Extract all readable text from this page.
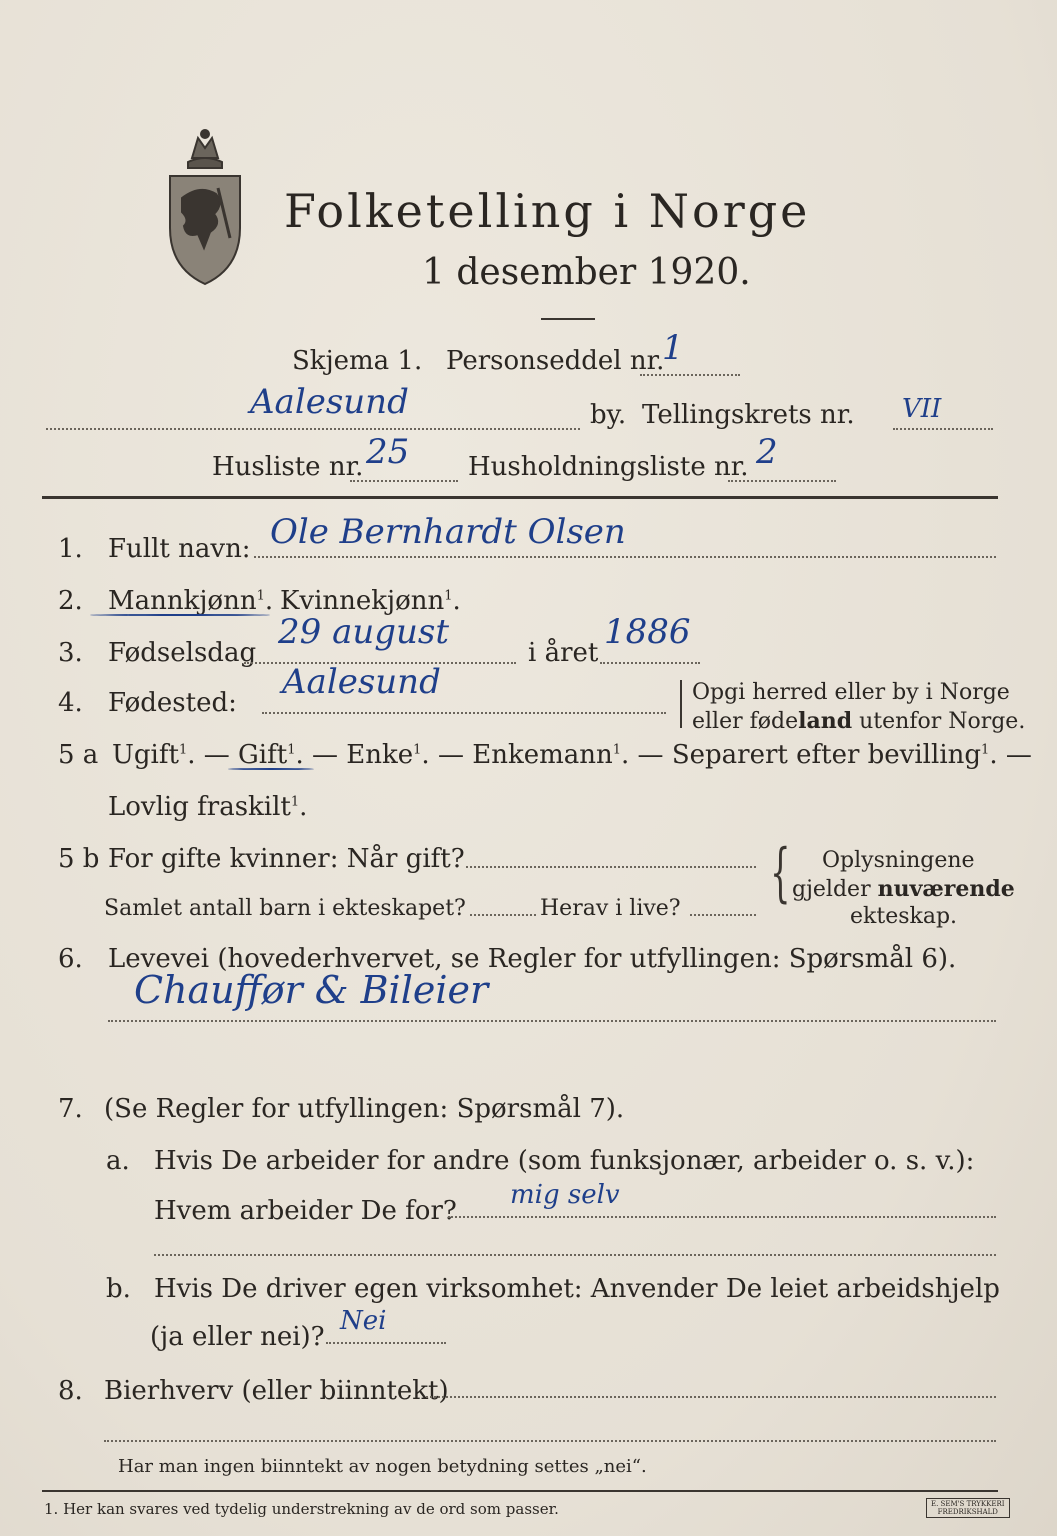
Folketelling i Norge
1 desember 1920.
Skjema 1. Personseddel nr.
1
Aalesund	by. Tellingskrets nr. VII
Husliste nr. 25 Husholdningsliste nr. 2
1. Fullt navn: Ole Bernhardt Olsen
2. Mannkjønn$^1$. Kvinnekjønn$^1$.
3. Fødselsdag
29 august
i året
1886
4. Fødested:
Aalesund	Opgi herred eller by i Norge
eller fødeland utenfor Norge.
5 a Ugift$^1$. — Gift$^1$. — Enke$^1$. — Enkemann$^1$. — Separert efter bevilling$^1$. —
Lovlig fraskilt$^1$.
5 b For gifte kvinner: Når gift?
Samlet antall barn i ekteskapet?	Herav i live? { Oplysningene
gjelder nuværende
ekteskap.
6. Levevei (hovederhvervet, se Regler for utfyllingen: Spørsmål 6).
Chauffør & Bileier
7. (Se Regler for utfyllingen: Spørsmål 7).
a. Hvis De arbeider for andre (som funksjonær, arbeider o. s. v.):
Hvem arbeider De for?
mig selv
b. Hvis De driver egen virksomhet: Anvender De leiet arbeidshjelp
(ja eller nei)?
Nei
8. Bierhverv (eller biinntekt)
Har man ingen biinntekt av nogen betydning settes „nei“.
1. Her kan svares ved tydelig understrekning av de ord som passer.	E. SEM'S TRYKKERI
FREDRIKSHALD
